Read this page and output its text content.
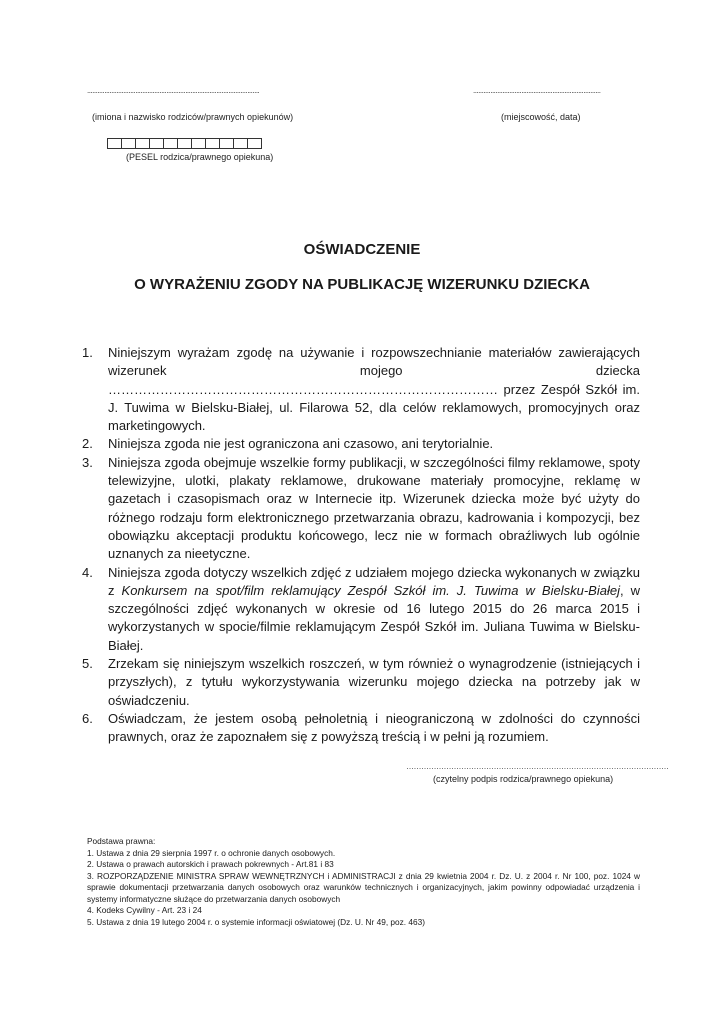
....................................................................................................
(imiona i nazwisko rodziców/prawnych opiekunów)
..........................................................................
(miejscowość, data)
(PESEL rodzica/prawnego opiekuna)
OŚWIADCZENIE
O WYRAŻENIU ZGODY NA PUBLIKACJĘ WIZERUNKU DZIECKA
1. Niniejszym wyrażam zgodę na używanie i rozpowszechnianie materiałów zawierających wizerunek mojego dziecka ……………………………………………………………………………… przez Zespół Szkół im. J. Tuwima w Bielsku-Białej, ul. Filarowa 52, dla celów reklamowych, promocyjnych oraz marketingowych.
2. Niniejsza zgoda nie jest ograniczona ani czasowo, ani terytorialnie.
3. Niniejsza zgoda obejmuje wszelkie formy publikacji, w szczególności filmy reklamowe, spoty telewizyjne, ulotki, plakaty reklamowe, drukowane materiały promocyjne, reklamę w gazetach i czasopismach oraz w Internecie itp. Wizerunek dziecka może być użyty do różnego rodzaju form elektronicznego przetwarzania obrazu, kadrowania i kompozycji, bez obowiązku akceptacji produktu końcowego, lecz nie w formach obraźliwych lub ogólnie uznanych za nieetyczne.
4. Niniejsza zgoda dotyczy wszelkich zdjęć z udziałem mojego dziecka wykonanych w związku z Konkursem na spot/film reklamujący Zespół Szkół im. J. Tuwima w Bielsku-Białej, w szczególności zdjęć wykonanych w okresie od 16 lutego 2015 do 26 marca 2015 i wykorzystanych w spocie/filmie reklamującym Zespół Szkół im. Juliana Tuwima w Bielsku-Białej.
5. Zrzekam się niniejszym wszelkich roszczeń, w tym również o wynagrodzenie (istniejących i przyszłych), z tytułu wykorzystywania wizerunku mojego dziecka na potrzeby jak w oświadczeniu.
6. Oświadczam, że jestem osobą pełnoletnią i nieograniczoną w zdolności do czynności prawnych, oraz że zapoznałem się z powyższą treścią i w pełni ją rozumiem.
……………………………………………………………………………………………
(czytelny podpis rodzica/prawnego opiekuna)

Podstawa prawna:

1. Ustawa z dnia 29 sierpnia 1997 r. o ochronie danych osobowych.

2. Ustawa o prawach autorskich i prawach pokrewnych - Art.81 i 83

3. ROZPORZĄDZENIE MINISTRA SPRAW WEWNĘTRZNYCH i ADMINISTRACJI z dnia 29 kwietnia 2004 r. Dz. U. z 2004 r. Nr 100, poz. 1024 w sprawie dokumentacji przetwarzania danych osobowych oraz warunków technicznych i organizacyjnych, jakim powinny odpowiadać urządzenia i systemy informatyczne służące do przetwarzania danych osobowych

4. Kodeks Cywilny - Art. 23 i 24

5. Ustawa z dnia 19 lutego 2004 r. o systemie informacji oświatowej (Dz. U. Nr 49, poz. 463)
